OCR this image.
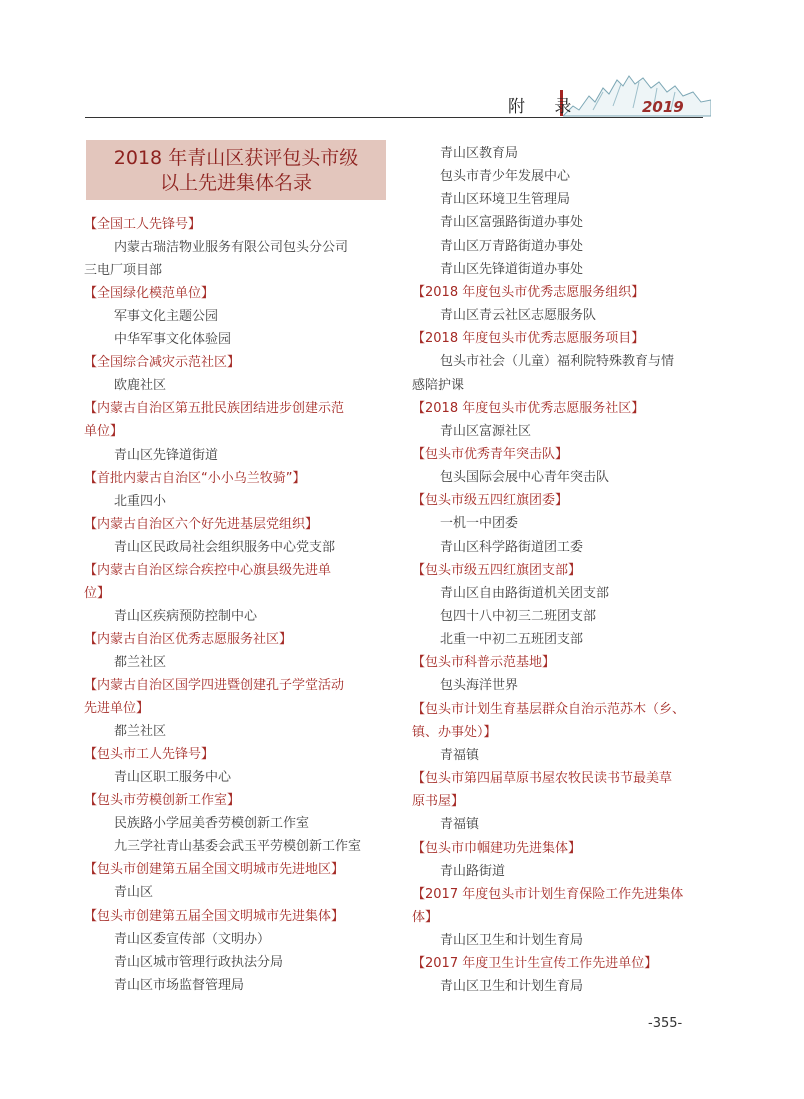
附 录	2019
2018 年青山区获评包头市级
以上先进集体名录
【全国工人先锋号】
内蒙古瑞洁物业服务有限公司包头分公司
三电厂项目部
【全国绿化模范单位】
军事文化主题公园
中华军事文化体验园
【全国综合减灾示范社区】
欧鹿社区
【内蒙古自治区第五批民族团结进步创建示范
单位】
青山区先锋道街道
【首批内蒙古自治区“小小乌兰牧骑”】
北重四小
【内蒙古自治区六个好先进基层党组织】
青山区民政局社会组织服务中心党支部
【内蒙古自治区综合疾控中心旗县级先进单
位】
青山区疾病预防控制中心
【内蒙古自治区优秀志愿服务社区】
都兰社区
【内蒙古自治区国学四进暨创建孔子学堂活动
先进单位】
都兰社区
【包头市工人先锋号】
青山区职工服务中心
【包头市劳模创新工作室】
民族路小学屈美香劳模创新工作室
九三学社青山基委会武玉平劳模创新工作室
【包头市创建第五届全国文明城市先进地区】
青山区
【包头市创建第五届全国文明城市先进集体】
青山区委宣传部（文明办）
青山区城市管理行政执法分局
青山区市场监督管理局
青山区教育局
包头市青少年发展中心
青山区环境卫生管理局
青山区富强路街道办事处
青山区万青路街道办事处
青山区先锋道街道办事处
【2018 年度包头市优秀志愿服务组织】
青山区青云社区志愿服务队
【2018 年度包头市优秀志愿服务项目】
包头市社会（儿童）福利院特殊教育与情
感陪护课
【2018 年度包头市优秀志愿服务社区】
青山区富源社区
【包头市优秀青年突击队】
包头国际会展中心青年突击队
【包头市级五四红旗团委】
一机一中团委
青山区科学路街道团工委
【包头市级五四红旗团支部】
青山区自由路街道机关团支部
包四十八中初三二班团支部
北重一中初二五班团支部
【包头市科普示范基地】
包头海洋世界
【包头市计划生育基层群众自治示范苏木（乡、
镇、办事处）】
青福镇
【包头市第四届草原书屋农牧民读书节最美草
原书屋】
青福镇
【包头市巾帼建功先进集体】
青山路街道
【2017 年度包头市计划生育保险工作先进集体
体】
青山区卫生和计划生育局
【2017 年度卫生计生宣传工作先进单位】
青山区卫生和计划生育局
-355-
